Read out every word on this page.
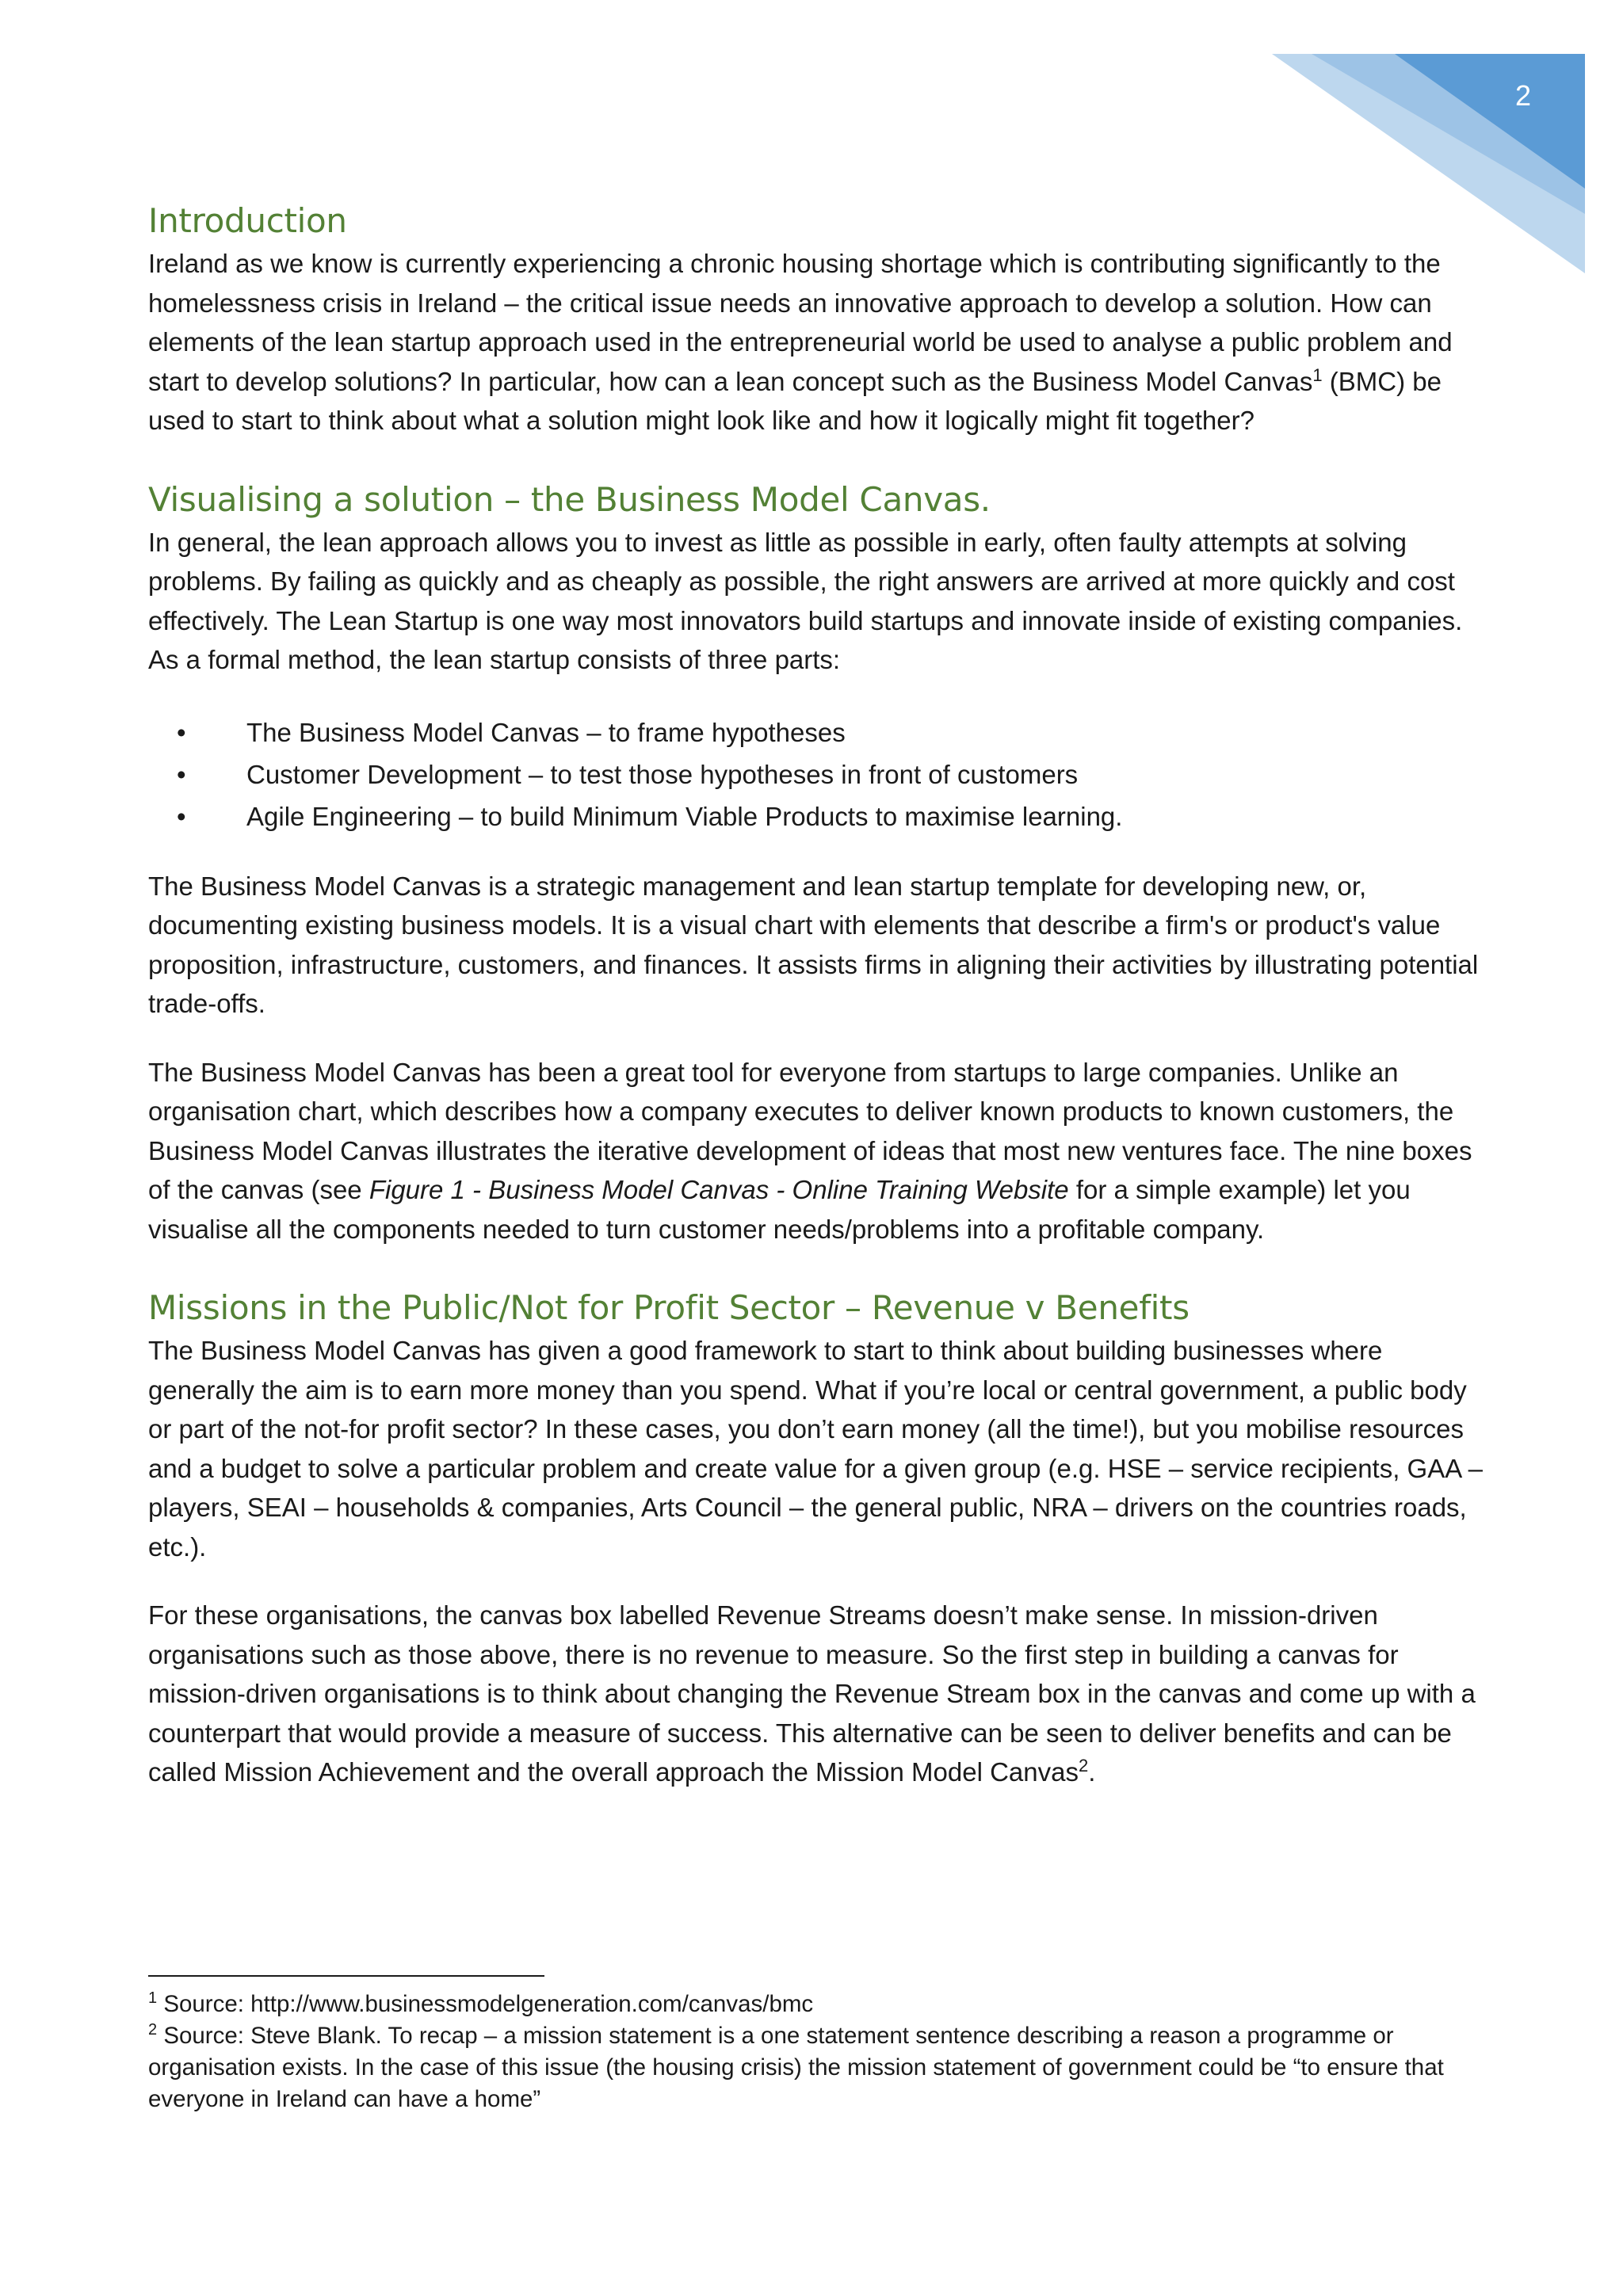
2
Introduction

Ireland as we know is currently experiencing a chronic housing shortage which is contributing significantly to the homelessness crisis in Ireland – the critical issue needs an innovative approach to develop a solution. How can elements of the lean startup approach used in the entrepreneurial world be used to analyse a public problem and start to develop solutions? In particular, how can a lean concept such as the Business Model Canvas$^1$ (BMC) be used to start to think about what a solution might look like and how it logically might fit together?

Visualising a solution – the Business Model Canvas.

In general, the lean approach allows you to invest as little as possible in early, often faulty attempts at solving problems. By failing as quickly and as cheaply as possible, the right answers are arrived at more quickly and cost effectively. The Lean Startup is one way most innovators build startups and innovate inside of existing companies. As a formal method, the lean startup consists of three parts:

• The Business Model Canvas – to frame hypotheses
• Customer Development – to test those hypotheses in front of customers
• Agile Engineering – to build Minimum Viable Products to maximise learning.

The Business Model Canvas is a strategic management and lean startup template for developing new, or, documenting existing business models. It is a visual chart with elements that describe a firm's or product's value proposition, infrastructure, customers, and finances. It assists firms in aligning their activities by illustrating potential trade-offs.

The Business Model Canvas has been a great tool for everyone from startups to large companies. Unlike an organisation chart, which describes how a company executes to deliver known products to known customers, the Business Model Canvas illustrates the iterative development of ideas that most new ventures face. The nine boxes of the canvas (see Figure 1 - Business Model Canvas - Online Training Website for a simple example) let you visualise all the components needed to turn customer needs/problems into a profitable company.

Missions in the Public/Not for Profit Sector – Revenue v Benefits

The Business Model Canvas has given a good framework to start to think about building businesses where generally the aim is to earn more money than you spend. What if you’re local or central government, a public body or part of the not-for profit sector? In these cases, you don’t earn money (all the time!), but you mobilise resources and a budget to solve a particular problem and create value for a given group (e.g. HSE – service recipients, GAA – players, SEAI – households & companies, Arts Council – the general public, NRA – drivers on the countries roads, etc.).

For these organisations, the canvas box labelled Revenue Streams doesn’t make sense. In mission-driven organisations such as those above, there is no revenue to measure. So the first step in building a canvas for mission-driven organisations is to think about changing the Revenue Stream box in the canvas and come up with a counterpart that would provide a measure of success. This alternative can be seen to deliver benefits and can be called Mission Achievement and the overall approach the Mission Model Canvas$^2$.

$^1$ Source: http://www.businessmodelgeneration.com/canvas/bmc

$^2$ Source: Steve Blank. To recap – a mission statement is a one statement sentence describing a reason a programme or organisation exists. In the case of this issue (the housing crisis) the mission statement of government could be “to ensure that everyone in Ireland can have a home”
